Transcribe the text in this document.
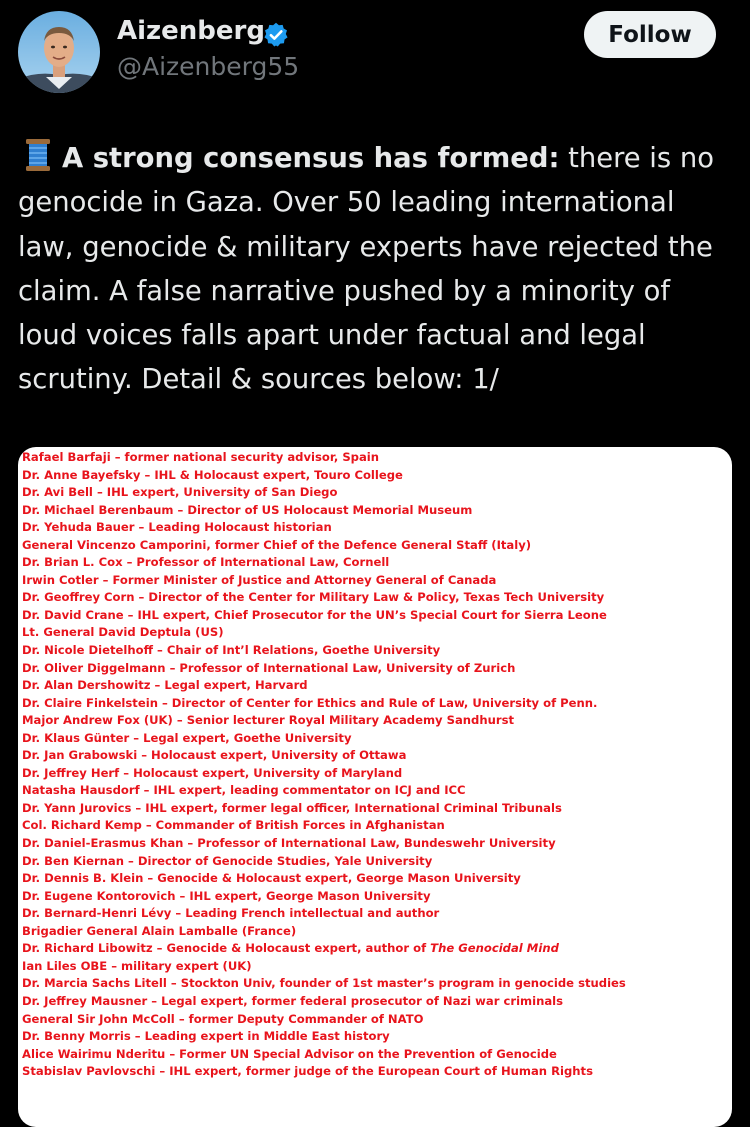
Aizenberg
@Aizenberg55
Follow

A strong consensus has formed: there is no genocide in Gaza. Over 50 leading international law, genocide & military experts have rejected the claim. A false narrative pushed by a minority of loud voices falls apart under factual and legal scrutiny. Detail & sources below: 1/

Rafael Barfaji – former national security advisor, Spain
Dr. Anne Bayefsky – IHL & Holocaust expert, Touro College
Dr. Avi Bell – IHL expert, University of San Diego
Dr. Michael Berenbaum – Director of US Holocaust Memorial Museum
Dr. Yehuda Bauer – Leading Holocaust historian
General Vincenzo Camporini, former Chief of the Defence General Staff (Italy)
Dr. Brian L. Cox – Professor of International Law, Cornell
Irwin Cotler – Former Minister of Justice and Attorney General of Canada
Dr. Geoffrey Corn – Director of the Center for Military Law & Policy, Texas Tech University
Dr. David Crane – IHL expert, Chief Prosecutor for the UN’s Special Court for Sierra Leone
Lt. General David Deptula (US)
Dr. Nicole Dietelhoff – Chair of Int’l Relations, Goethe University
Dr. Oliver Diggelmann – Professor of International Law, University of Zurich
Dr. Alan Dershowitz – Legal expert, Harvard
Dr. Claire Finkelstein – Director of Center for Ethics and Rule of Law, University of Penn.
Major Andrew Fox (UK) – Senior lecturer Royal Military Academy Sandhurst
Dr. Klaus Günter – Legal expert, Goethe University
Dr. Jan Grabowski – Holocaust expert, University of Ottawa
Dr. Jeffrey Herf – Holocaust expert, University of Maryland
Natasha Hausdorf – IHL expert, leading commentator on ICJ and ICC
Dr. Yann Jurovics – IHL expert, former legal officer, International Criminal Tribunals
Col. Richard Kemp – Commander of British Forces in Afghanistan
Dr. Daniel-Erasmus Khan – Professor of International Law, Bundeswehr University
Dr. Ben Kiernan – Director of Genocide Studies, Yale University
Dr. Dennis B. Klein – Genocide & Holocaust expert, George Mason University
Dr. Eugene Kontorovich – IHL expert, George Mason University
Dr. Bernard-Henri Lévy – Leading French intellectual and author
Brigadier General Alain Lamballe (France)
Dr. Richard Libowitz – Genocide & Holocaust expert, author of The Genocidal Mind
Ian Liles OBE – military expert (UK)
Dr. Marcia Sachs Litell – Stockton Univ, founder of 1st master’s program in genocide studies
Dr. Jeffrey Mausner – Legal expert, former federal prosecutor of Nazi war criminals
General Sir John McColl – former Deputy Commander of NATO
Dr. Benny Morris – Leading expert in Middle East history
Alice Wairimu Nderitu – Former UN Special Advisor on the Prevention of Genocide
Stabislav Pavlovschi – IHL expert, former judge of the European Court of Human Rights
